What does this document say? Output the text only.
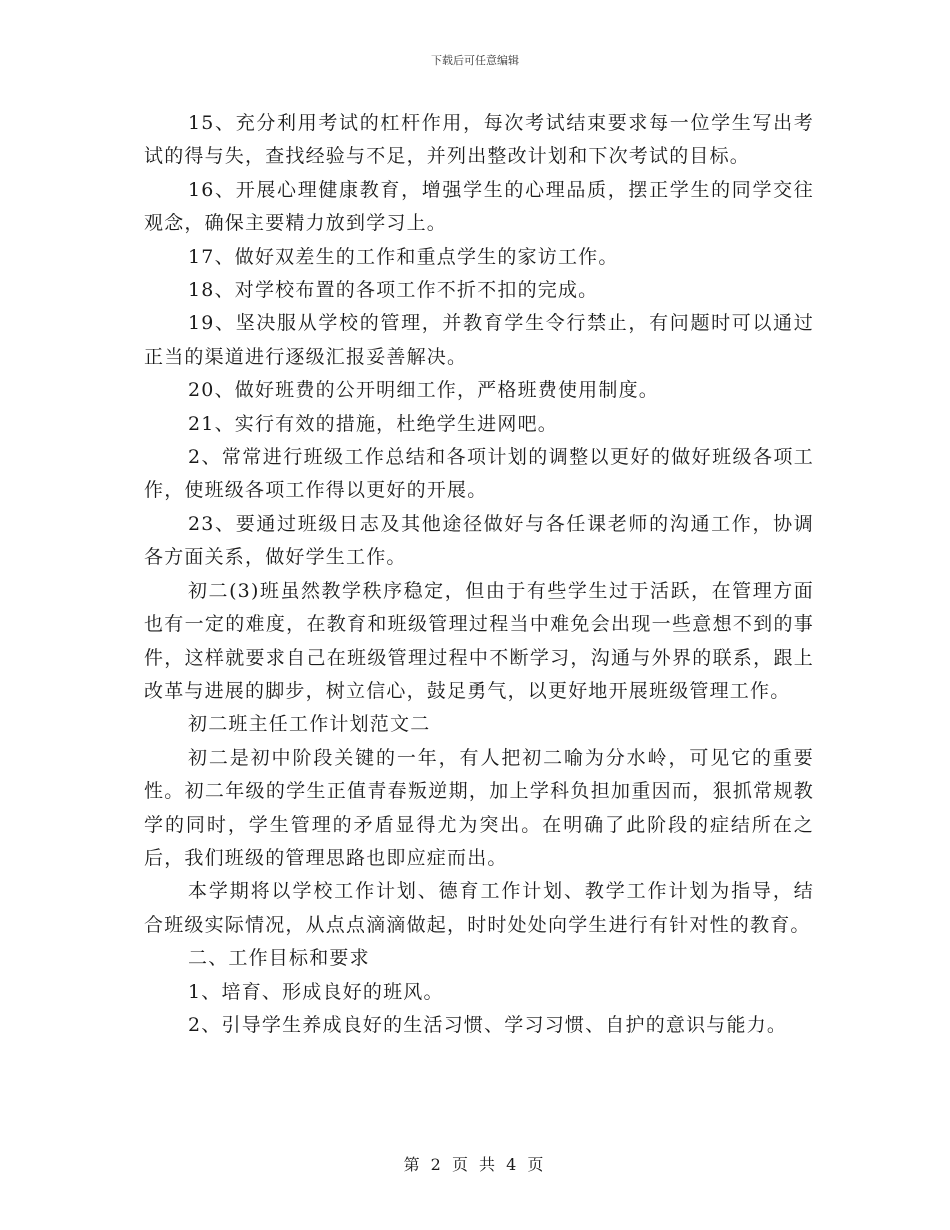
下载后可任意编辑

15、充分利用考试的杠杆作用，每次考试结束要求每一位学生写出考试的得与失，查找经验与不足，并列出整改计划和下次考试的目标。

16、开展心理健康教育，增强学生的心理品质，摆正学生的同学交往观念，确保主要精力放到学习上。

17、做好双差生的工作和重点学生的家访工作。

18、对学校布置的各项工作不折不扣的完成。

19、坚决服从学校的管理，并教育学生令行禁止，有问题时可以通过正当的渠道进行逐级汇报妥善解决。

20、做好班费的公开明细工作，严格班费使用制度。

21、实行有效的措施，杜绝学生进网吧。

2、常常进行班级工作总结和各项计划的调整以更好的做好班级各项工作，使班级各项工作得以更好的开展。

23、要通过班级日志及其他途径做好与各任课老师的沟通工作，协调各方面关系，做好学生工作。

初二(3)班虽然教学秩序稳定，但由于有些学生过于活跃，在管理方面也有一定的难度，在教育和班级管理过程当中难免会出现一些意想不到的事件，这样就要求自己在班级管理过程中不断学习，沟通与外界的联系，跟上改革与进展的脚步，树立信心，鼓足勇气，以更好地开展班级管理工作。

初二班主任工作计划范文二

初二是初中阶段关键的一年，有人把初二喻为分水岭，可见它的重要性。初二年级的学生正值青春叛逆期，加上学科负担加重因而，狠抓常规教学的同时，学生管理的矛盾显得尤为突出。在明确了此阶段的症结所在之后，我们班级的管理思路也即应症而出。

本学期将以学校工作计划、德育工作计划、教学工作计划为指导，结合班级实际情况，从点点滴滴做起，时时处处向学生进行有针对性的教育。

二、工作目标和要求

1、培育、形成良好的班风。

2、引导学生养成良好的生活习惯、学习习惯、自护的意识与能力。

第 2 页 共 4 页
